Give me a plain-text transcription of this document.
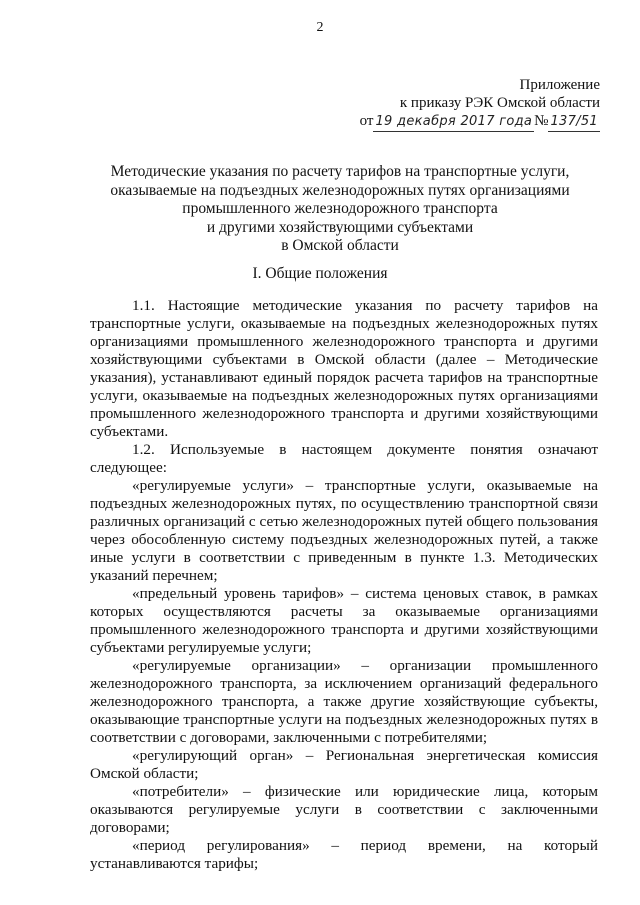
2
Приложение
к приказу РЭК Омской области
от 19 декабря 2017 года № 137/51
Методические указания по расчету тарифов на транспортные услуги,
оказываемые на подъездных железнодорожных путях организациями
промышленного железнодорожного транспорта
и другими хозяйствующими субъектами
в Омской области
I. Общие положения

1.1. Настоящие методические указания по расчету тарифов на транспортные услуги, оказываемые на подъездных железнодорожных путях организациями промышленного железнодорожного транспорта и другими хозяйствующими субъектами в Омской области (далее – Методические указания), устанавливают единый порядок расчета тарифов на транспортные услуги, оказываемые на подъездных железнодорожных путях организациями промышленного железнодорожного транспорта и другими хозяйствующими субъектами.

1.2. Используемые в настоящем документе понятия означают следующее:

«регулируемые услуги» – транспортные услуги, оказываемые на подъездных железнодорожных путях, по осуществлению транспортной связи различных организаций с сетью железнодорожных путей общего пользования через обособленную систему подъездных железнодорожных путей, а также иные услуги в соответствии с приведенным в пункте 1.3. Методических указаний перечнем;

«предельный уровень тарифов» – система ценовых ставок, в рамках которых осуществляются расчеты за оказываемые организациями промышленного железнодорожного транспорта и другими хозяйствующими субъектами регулируемые услуги;

«регулируемые организации» – организации промышленного железнодорожного транспорта, за исключением организаций федерального железнодорожного транспорта, а также другие хозяйствующие субъекты, оказывающие транспортные услуги на подъездных железнодорожных путях в соответствии с договорами, заключенными с потребителями;

«регулирующий орган» – Региональная энергетическая комиссия Омской области;

«потребители» – физические или юридические лица, которым оказываются регулируемые услуги в соответствии с заключенными договорами;

«период регулирования» – период времени, на который устанавливаются тарифы;
